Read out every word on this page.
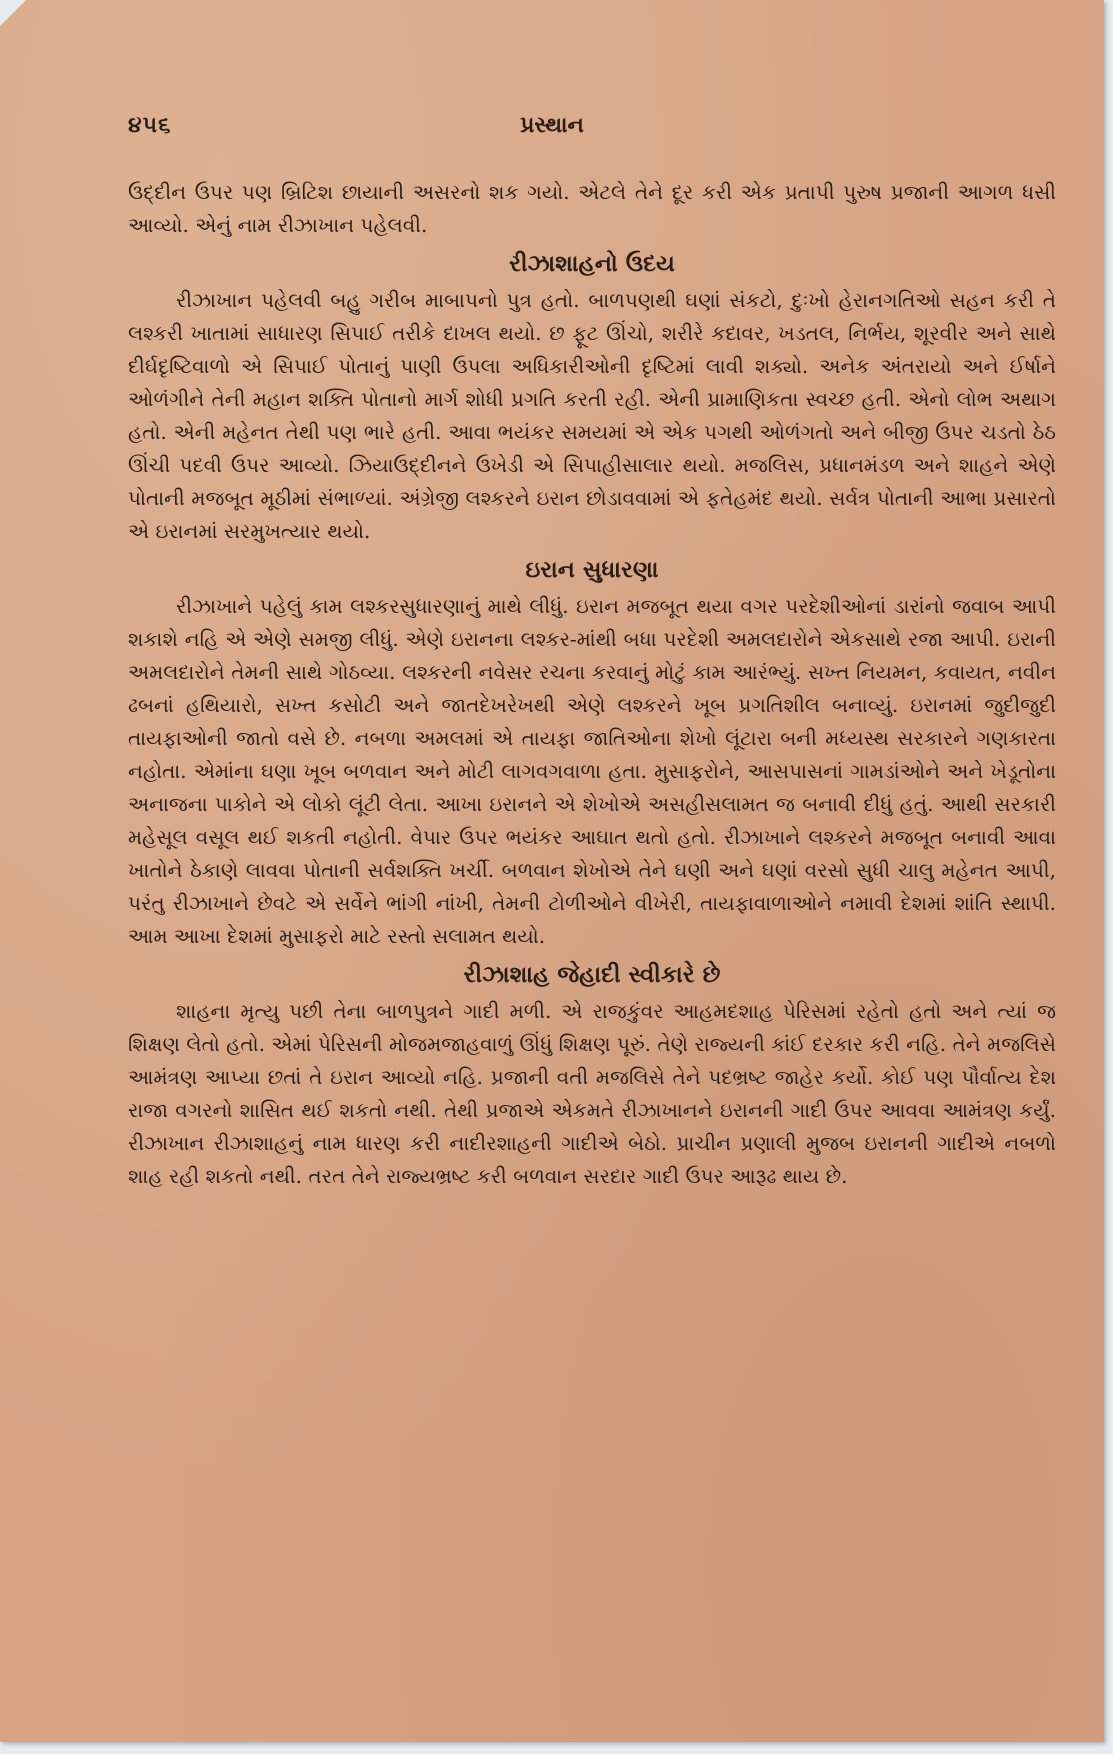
૪૫૬	પ્રસ્થાન

ઉદ્દીન ઉપર પણ બ્રિટિશ છાયાની અસરનો શક ગયો. એટલે તેને દૂર કરી એક પ્રતાપી પુરુષ પ્રજાની આગળ ધસી આવ્યો. એનું નામ રીઝાખાન પહેલવી.

રીઝાશાહનો ઉદય

રીઝાખાન પહેલવી બહુ ગરીબ માબાપનો પુત્ર હતો. બાળપણથી ઘણાં સંકટો, દુઃખો હેરાનગતિઓ સહન કરી તે લશ્કરી ખાતામાં સાધારણ સિપાઈ તરીકે દાખલ થયો. છ ફૂટ ઊંચો, શરીરે કદાવર, ખડતલ, નિર્ભય, શૂરવીર અને સાથે દીર્ઘદૃષ્ટિવાળો એ સિપાઈ પોતાનું પાણી ઉપલા અધિકારીઓની દૃષ્ટિમાં લાવી શક્યો. અનેક અંતરાયો અને ઈર્ષાને ઓળંગીને તેની મહાન શક્તિ પોતાનો માર્ગ શોધી પ્રગતિ કરતી રહી. એની પ્રામાણિકતા સ્વચ્છ હતી. એનો લોભ અથાગ હતો. એની મહેનત તેથી પણ ભારે હતી. આવા ભયંકર સમયમાં એ એક પગથી ઓળંગતો અને બીજી ઉપર ચડતો ઠેઠ ઊંચી પદવી ઉપર આવ્યો. ઝિયાઉદ્દીનને ઉખેડી એ સિપાહીસાલાર થયો. મજલિસ, પ્રધાનમંડળ અને શાહને એણે પોતાની મજબૂત મૂઠીમાં સંભાળ્યાં. અંગ્રેજી લશ્કરને ઇરાન છોડાવવામાં એ ફતેહમંદ થયો. સર્વત્ર પોતાની આભા પ્રસારતો એ ઇરાનમાં સરમુખત્યાર થયો.

ઇરાન સુધારણા

રીઝાખાને પહેલું કામ લશ્કરસુધારણાનું માથે લીધું. ઇરાન મજબૂત થયા વગર પરદેશીઓનાં ડારાંનો જવાબ આપી શકાશે નહિ એ એણે સમજી લીધું. એણે ઇરાનના લશ્કર-માંથી બધા પરદેશી અમલદારોને એકસાથે રજા આપી. ઇરાની અમલદારોને તેમની સાથે ગોઠવ્યા. લશ્કરની નવેસર રચના કરવાનું મોટું કામ આરંભ્યું. સખ્ત નિયમન, કવાયત, નવીન ઢબનાં હથિયારો, સખ્ત કસોટી અને જાતદેખરેખથી એણે લશ્કરને ખૂબ પ્રગતિશીલ બનાવ્યું. ઇરાનમાં જુદીજુદી તાયફાઓની જાતો વસે છે. નબળા અમલમાં એ તાયફા જાતિઓના શેખો લૂંટારા બની મધ્યસ્થ સરકારને ગણકારતા નહોતા. એમાંના ઘણા ખૂબ બળવાન અને મોટી લાગવગવાળા હતા. મુસાફરોને, આસપાસનાં ગામડાંઓને અને ખેડૂતોના અનાજના પાકોને એ લોકો લૂંટી લેતા. આખા ઇરાનને એ શેખોએ અસહીસલામત જ બનાવી દીધું હતું. આથી સરકારી મહેસૂલ વસૂલ થઈ શકતી નહોતી. વેપાર ઉપર ભયંકર આઘાત થતો હતો. રીઝાખાને લશ્કરને મજબૂત બનાવી આવા ખાતોને ઠેકાણે લાવવા પોતાની સર્વશક્તિ ખર્ચી. બળવાન શેખોએ તેને ઘણી અને ઘણાં વરસો સુધી ચાલુ મહેનત આપી, પરંતુ રીઝાખાને છેવટે એ સર્વેને ભાંગી નાંખી, તેમની ટોળીઓને વીખેરી, તાયફાવાળાઓને નમાવી દેશમાં શાંતિ સ્થાપી. આમ આખા દેશમાં મુસાફરો માટે રસ્તો સલામત થયો.

રીઝાશાહ જેહાદી સ્વીકારે છે

શાહના મૃત્યુ પછી તેના બાળપુત્રને ગાદી મળી. એ રાજકુંવર આહમદશાહ પેરિસમાં રહેતો હતો અને ત્યાં જ શિક્ષણ લેતો હતો. એમાં પેરિસની મોજમજાહવાળું ઊંધું શિક્ષણ પૂરું. તેણે રાજ્યની કાંઈ દરકાર કરી નહિ. તેને મજલિસે આમંત્રણ આપ્યા છતાં તે ઇરાન આવ્યો નહિ. પ્રજાની વતી મજલિસે તેને પદભ્રષ્ટ જાહેર કર્યો. કોઈ પણ પૌર્વાત્ય દેશ રાજા વગરનો શાસિત થઈ શકતો નથી. તેથી પ્રજાએ એકમતે રીઝાખાનને ઇરાનની ગાદી ઉપર આવવા આમંત્રણ કર્યું. રીઝાખાન રીઝાશાહનું નામ ધારણ કરી નાદીરશાહની ગાદીએ બેઠો. પ્રાચીન પ્રણાલી મુજબ ઇરાનની ગાદીએ નબળો શાહ રહી શકતો નથી. તરત તેને રાજ્યભ્રષ્ટ કરી બળવાન સરદાર ગાદી ઉપર આરૂઢ થાય છે.
